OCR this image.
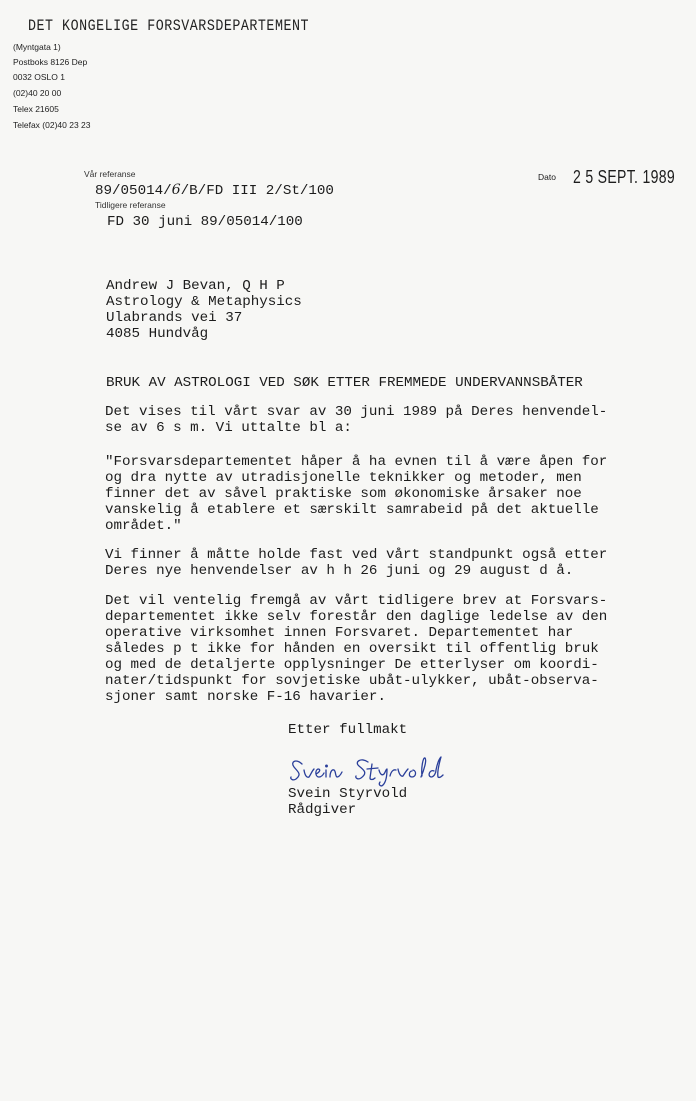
DET KONGELIGE FORSVARSDEPARTEMENT
(Myntgata 1)
Postboks 8126 Dep
0032 OSLO 1
(02)40 20 00
Telex 21605
Telefax (02)40 23 23
Vår referanse
89/05014/6/B/FD III 2/St/100
Tidligere referanse
FD 30 juni 89/05014/100
Dato 2 5 SEPT. 1989
Andrew J Bevan, Q H P
Astrology & Metaphysics
Ulabrands vei 37
4085 Hundvåg
BRUK AV ASTROLOGI VED SØK ETTER FREMMEDE UNDERVANNSBÅTER
Det vises til vårt svar av 30 juni 1989 på Deres henvendel-
se av 6 s m. Vi uttalte bl a:
"Forsvarsdepartementet håper å ha evnen til å være åpen for
og dra nytte av utradisjonelle teknikker og metoder, men
finner det av såvel praktiske som økonomiske årsaker noe
vanskelig å etablere et særskilt samrabeid på det aktuelle
området."
Vi finner å måtte holde fast ved vårt standpunkt også etter
Deres nye henvendelser av h h 26 juni og 29 august d å.
Det vil ventelig fremgå av vårt tidligere brev at Forsvars-
departementet ikke selv forestår den daglige ledelse av den
operative virksomhet innen Forsvaret. Departementet har
således p t ikke for hånden en oversikt til offentlig bruk
og med de detaljerte opplysninger De etterlyser om koordi-
nater/tidspunkt for sovjetiske ubåt-ulykker, ubåt-observa-
sjoner samt norske F-16 havarier.
Etter fullmakt
Svein Styrvold
Rådgiver
